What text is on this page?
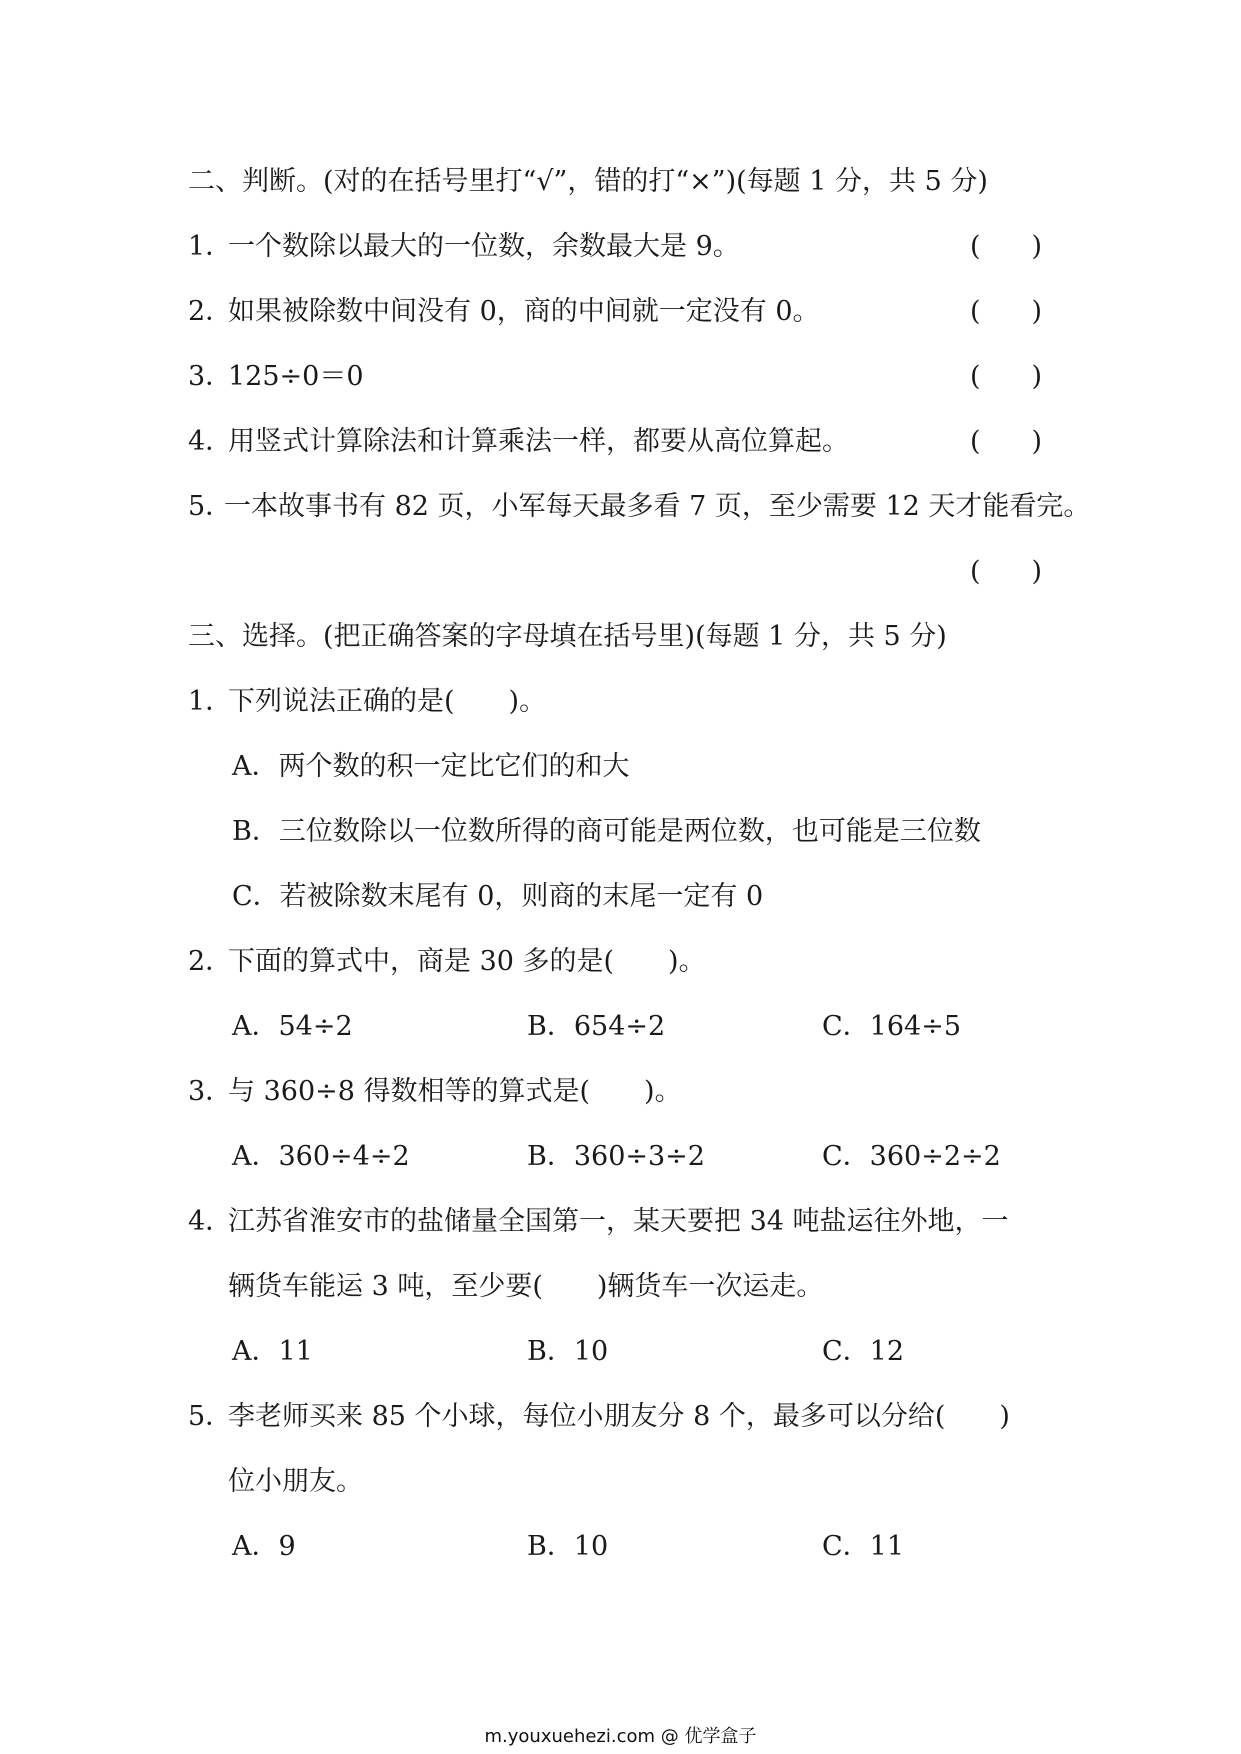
二、判断。(对的在括号里打“√”，错的打“×”)(每题 1 分，共 5 分)
1．
一个数除以最大的一位数，余数最大是 9。	( )
2．
如果被除数中间没有 0，商的中间就一定没有 0。	( )
3．
125÷0＝0	( )
4．
用竖式计算除法和计算乘法一样，都要从高位算起。	( )
5．
一本故事书有 82 页，小军每天最多看 7 页，至少需要 12 天才能看完。
( )
三、选择。(把正确答案的字母填在括号里)(每题 1 分，共 5 分)
1．
下列说法正确的是(　　)。
A．两个数的积一定比它们的和大
B．三位数除以一位数所得的商可能是两位数，也可能是三位数
C．若被除数末尾有 0，则商的末尾一定有 0
2．
下面的算式中，商是 30 多的是(　　)。
A．54÷2	B．654÷2	C．164÷5
3．
与 360÷8 得数相等的算式是(　　)。
A．360÷4÷2	B．360÷3÷2	C．360÷2÷2
4．
江苏省淮安市的盐储量全国第一，某天要把 34 吨盐运往外地，一
辆货车能运 3 吨，至少要(　　)辆货车一次运走。
A．11	B．10	C．12
5．
李老师买来 85 个小球，每位小朋友分 8 个，最多可以分给(　　)
位小朋友。
A．9	B．10	C．11
m.youxuehezi.com @ 优学盒子
